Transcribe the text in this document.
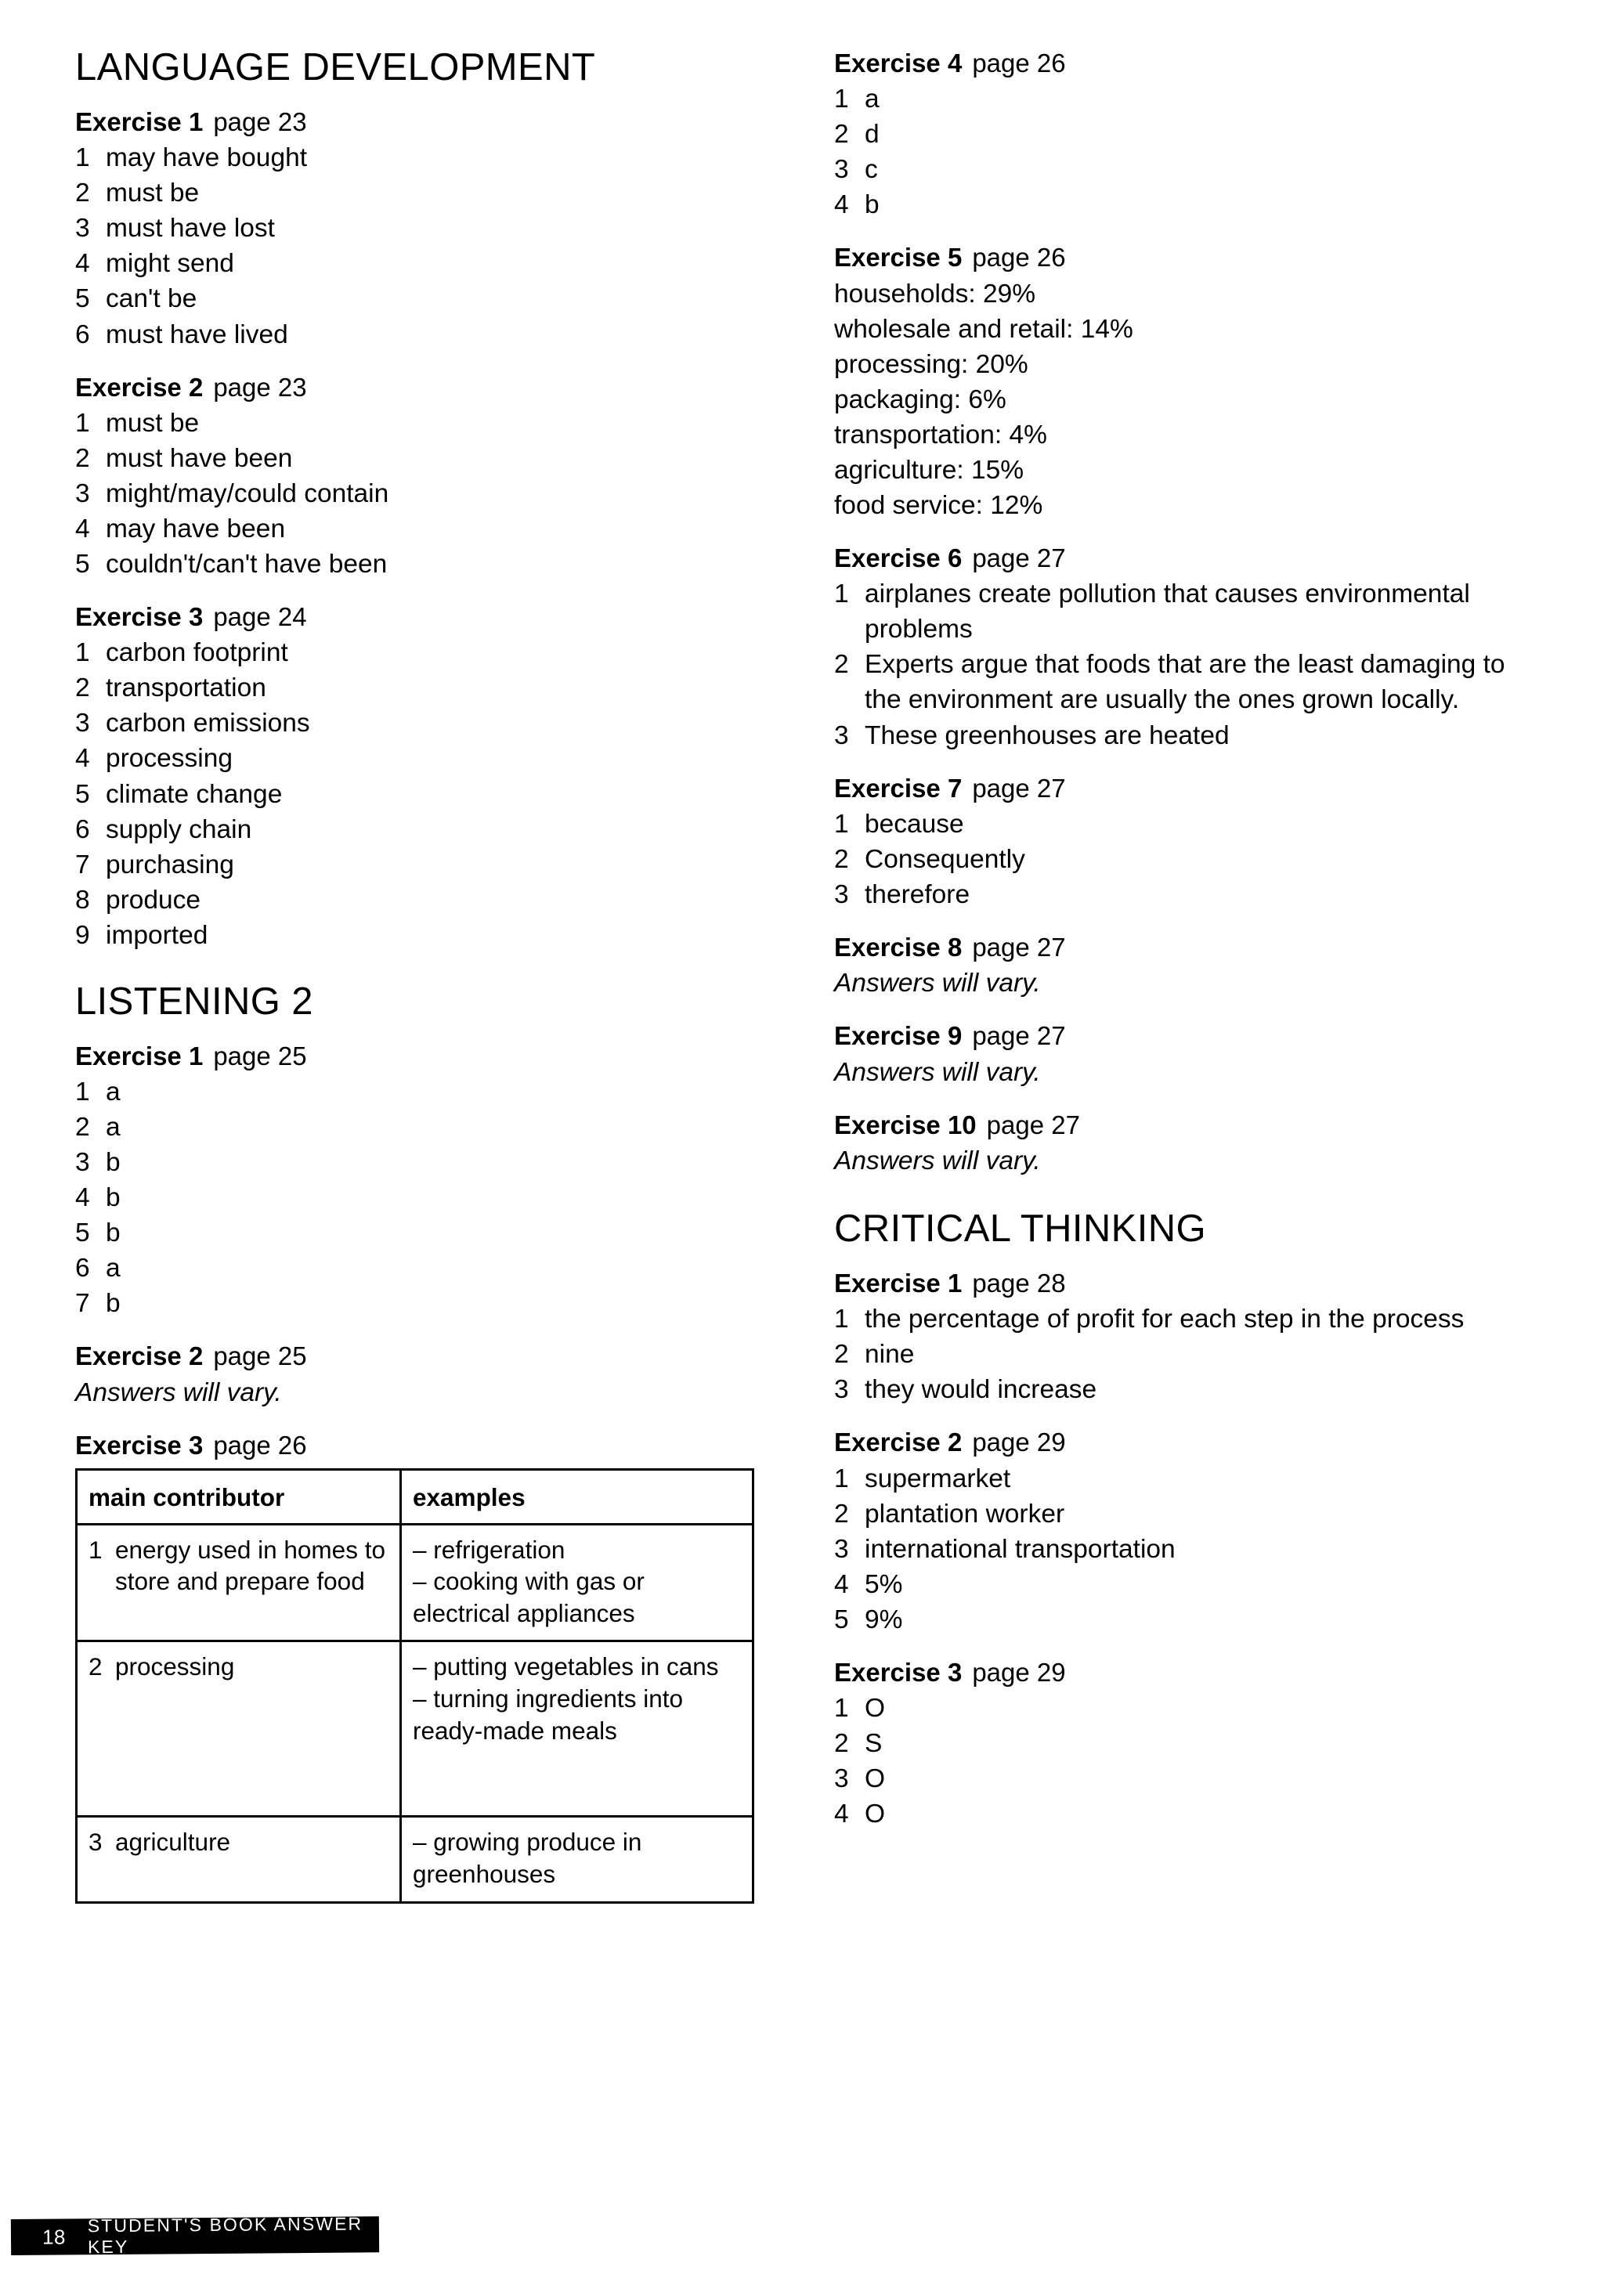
LANGUAGE DEVELOPMENT
Exercise 1 page 23
1 may have bought
2 must be
3 must have lost
4 might send
5 can't be
6 must have lived
Exercise 2 page 23
1 must be
2 must have been
3 might/may/could contain
4 may have been
5 couldn't/can't have been
Exercise 3 page 24
1 carbon footprint
2 transportation
3 carbon emissions
4 processing
5 climate change
6 supply chain
7 purchasing
8 produce
9 imported
LISTENING 2
Exercise 1 page 25
1 a
2 a
3 b
4 b
5 b
6 a
7 b
Exercise 2 page 25
Answers will vary.
Exercise 3 page 26
main contributor	examples

1 energy used in homes to store and prepare food	– refrigeration
– cooking with gas or electrical appliances

2 processing	– putting vegetables in cans
– turning ingredients into ready-made meals

3 agriculture	– growing produce in greenhouses
Exercise 4 page 26
1 a
2 d
3 c
4 b
Exercise 5 page 26
households: 29%
wholesale and retail: 14%
processing: 20%
packaging: 6%
transportation: 4%
agriculture: 15%
food service: 12%
Exercise 6 page 27
1 airplanes create pollution that causes environmental problems
2 Experts argue that foods that are the least damaging to the environment are usually the ones grown locally.
3 These greenhouses are heated
Exercise 7 page 27
1 because
2 Consequently
3 therefore
Exercise 8 page 27
Answers will vary.
Exercise 9 page 27
Answers will vary.
Exercise 10 page 27
Answers will vary.
CRITICAL THINKING
Exercise 1 page 28
1 the percentage of profit for each step in the process
2 nine
3 they would increase
Exercise 2 page 29
1 supermarket
2 plantation worker
3 international transportation
4 5%
5 9%
Exercise 3 page 29
1 O
2 S
3 O
4 O
18
STUDENT'S BOOK ANSWER KEY
